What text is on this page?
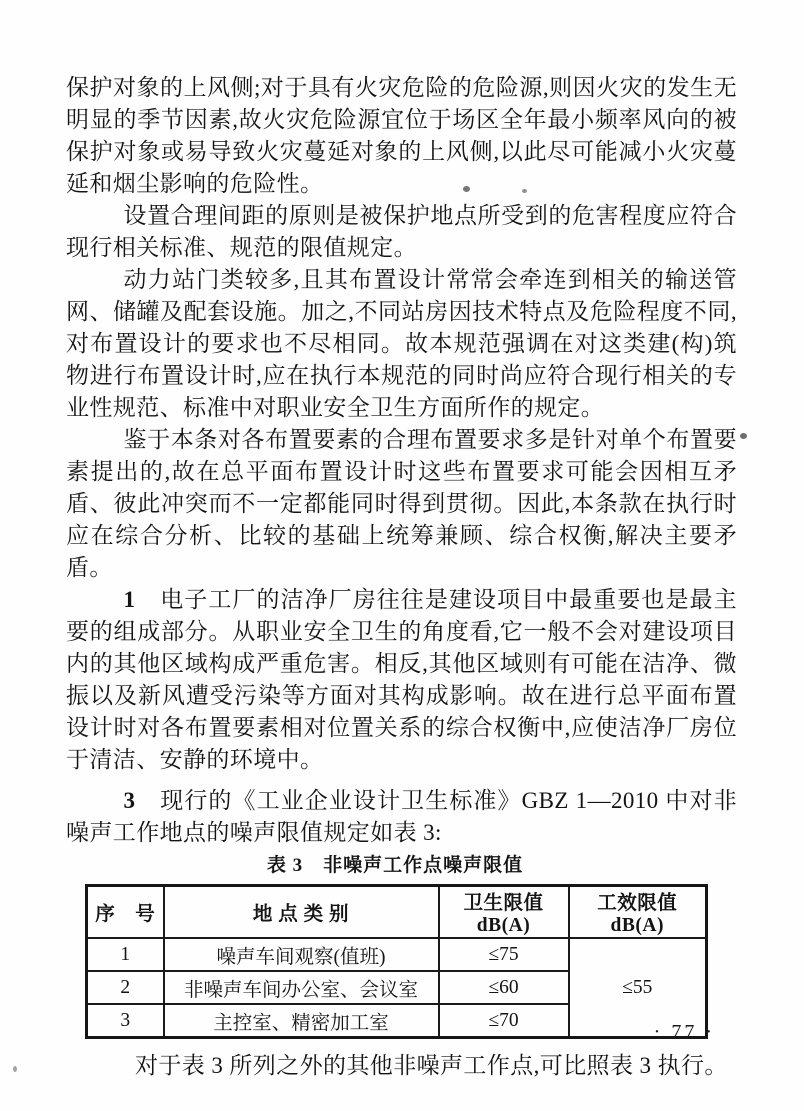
保护对象的上风侧;对于具有火灾危险的危险源,则因火灾的发生无明显的季节因素,故火灾危险源宜位于场区全年最小频率风向的被保护对象或易导致火灾蔓延对象的上风侧,以此尽可能减小火灾蔓延和烟尘影响的危险性。

设置合理间距的原则是被保护地点所受到的危害程度应符合现行相关标准、规范的限值规定。

动力站门类较多,且其布置设计常常会牵连到相关的输送管网、储罐及配套设施。加之,不同站房因技术特点及危险程度不同,对布置设计的要求也不尽相同。故本规范强调在对这类建(构)筑物进行布置设计时,应在执行本规范的同时尚应符合现行相关的专业性规范、标准中对职业安全卫生方面所作的规定。

鉴于本条对各布置要素的合理布置要求多是针对单个布置要素提出的,故在总平面布置设计时这些布置要求可能会因相互矛盾、彼此冲突而不一定都能同时得到贯彻。因此,本条款在执行时应在综合分析、比较的基础上统筹兼顾、综合权衡,解决主要矛盾。

1 电子工厂的洁净厂房往往是建设项目中最重要也是最主要的组成部分。从职业安全卫生的角度看,它一般不会对建设项目内的其他区域构成严重危害。相反,其他区域则有可能在洁净、微振以及新风遭受污染等方面对其构成影响。故在进行总平面布置设计时对各布置要素相对位置关系的综合权衡中,应使洁净厂房位于清洁、安静的环境中。

3 现行的《工业企业设计卫生标准》GBZ 1—2010 中对非噪声工作地点的噪声限值规定如表 3:

表 3　非噪声工作点噪声限值
序　号	地 点 类 别	卫生限值 dB(A)	工效限值 dB(A)
1	噪声车间观察(值班)	≤75	≤55
2	非噪声车间办公室、会议室	≤60	
3	主控室、精密加工室	≤70	

对于表 3 所列之外的其他非噪声工作点,可比照表 3 执行。

· 77 ·
